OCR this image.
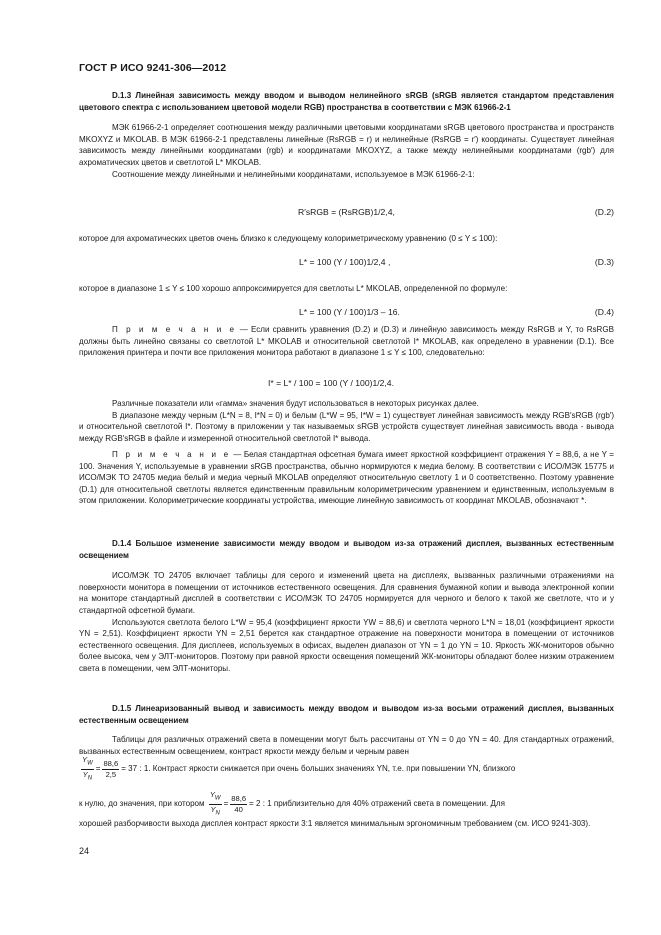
ГОСТ Р ИСО 9241-306—2012

D.1.3 Линейная зависимость между вводом и выводом нелинейного sRGB (sRGB является стандартом представления цветового спектра с использованием цветовой модели RGB) пространства в соответствии с МЭК 61966-2-1

МЭК 61966-2-1 определяет соотношения между различными цветовыми координатами sRGB цветового пространства и пространств MKOXYZ и MKOLAB. В МЭК 61966-2-1 представлены линейные (RsRGB = r) и нелинейные (RsRGB = r′) координаты. Существует линейная зависимость между линейными координатами (rgb) и координатами MKOXYZ, а также между нелинейными координатами (rgb′) для ахроматических цветов и светлотой L* MKOLAB.

Соотношение между линейными и нелинейными координатами, используемое в МЭК 61966-2-1:

R′sRGB = (RsRGB)1/2,4,	(D.2)

которое для ахроматических цветов очень близко к следующему колориметрическому уравнению (0 ≤ Y ≤ 100):

L* = 100 (Y / 100)1/2,4 ,	(D.3)

которое в диапазоне 1 ≤ Y ≤ 100 хорошо аппроксимируется для светлоты L* MKOLAB, определенной по формуле:

L* = 100 (Y / 100)1/3 – 16.	(D.4)

П р и м е ч а н и е — Если сравнить уравнения (D.2) и (D.3) и линейную зависимость между RsRGB и Y, то RsRGB должны быть линейно связаны со светлотой L* MKOLAB и относительной светлотой I* MKOLAB, как определено в уравнении (D.1). Все приложения принтера и почти все приложения монитора работают в диапазоне 1 ≤ Y ≤ 100, следовательно:

I* = L* / 100 = 100 (Y / 100)1/2,4.

Различные показатели или «гамма» значения будут использоваться в некоторых рисунках далее.

В диапазоне между черным (L*N = 8, I*N = 0) и белым (L*W = 95, I*W = 1) существует линейная зависимость между RGB′sRGB (rgb′) и относительной светлотой I*. Поэтому в приложении у так называемых sRGB устройств существует линейная зависимость ввода - вывода между RGB′sRGB в файле и измеренной относительной светлотой I* вывода.

П р и м е ч а н и е — Белая стандартная офсетная бумага имеет яркостной коэффициент отражения Y = 88,6, а не Y = 100. Значения Y, используемые в уравнении sRGB пространства, обычно нормируются к медиа белому. В соответствии с ИСО/МЭК 15775 и ИСО/МЭК ТО 24705 медиа белый и медиа черный MKOLAB определяют относительную светлоту 1 и 0 соответственно. Поэтому уравнение (D.1) для относительной светлоты является единственным правильным колориметрическим уравнением и единственным, используемым в этом приложении. Колориметрические координаты устройства, имеющие линейную зависимость от координат MKOLAB, обозначают *.

D.1.4 Большое изменение зависимости между вводом и выводом из-за отражений дисплея, вызванных естественным освещением

ИСО/МЭК ТО 24705 включает таблицы для серого и изменений цвета на дисплеях, вызванных различными отражениями на поверхности монитора в помещении от источников естественного освещения. Для сравнения бумажной копии и вывода электронной копии на мониторе стандартный дисплей в соответствии с ИСО/МЭК ТО 24705 нормируется для черного и белого к такой же светлоте, что и у стандартной офсетной бумаги.

Используются светлота белого L*W = 95,4 (коэффициент яркости YW = 88,6) и светлота черного L*N = 18,01 (коэффициент яркости YN = 2,51). Коэффициент яркости YN = 2,51 берется как стандартное отражение на поверхности монитора в помещении от источников естественного освещения. Для дисплеев, используемых в офисах, выделен диапазон от YN = 1 до YN = 10. Яркость ЖК-мониторов обычно более высока, чем у ЭЛТ-мониторов. Поэтому при равной яркости освещения помещений ЖК-мониторы обладают более низким отражением света в помещении, чем ЭЛТ-мониторы.

D.1.5 Линеаризованный вывод и зависимость между вводом и выводом из-за восьми отражений дисплея, вызванных естественным освещением

Таблицы для различных отражений света в помещении могут быть рассчитаны от YN = 0 до YN = 40. Для стандартных отражений, вызванных естественным освещением, контраст яркости между белым и черным равен

$\frac{Y_W}{Y_N} = \frac{88,6}{2,5} = 37$ : 1. Контраст яркости снижается при очень больших значениях YN, т.е. при повышении YN, близкого
к нулю, до значения, при котором $\frac{Y_W}{Y_N} = \frac{88,6}{40} = 2$ : 1 приблизительно для 40% отражений света в помещении. Для

хорошей разборчивости выхода дисплея контраст яркости 3:1 является минимальным эргономичным требованием (см. ИСО 9241-303).

24
